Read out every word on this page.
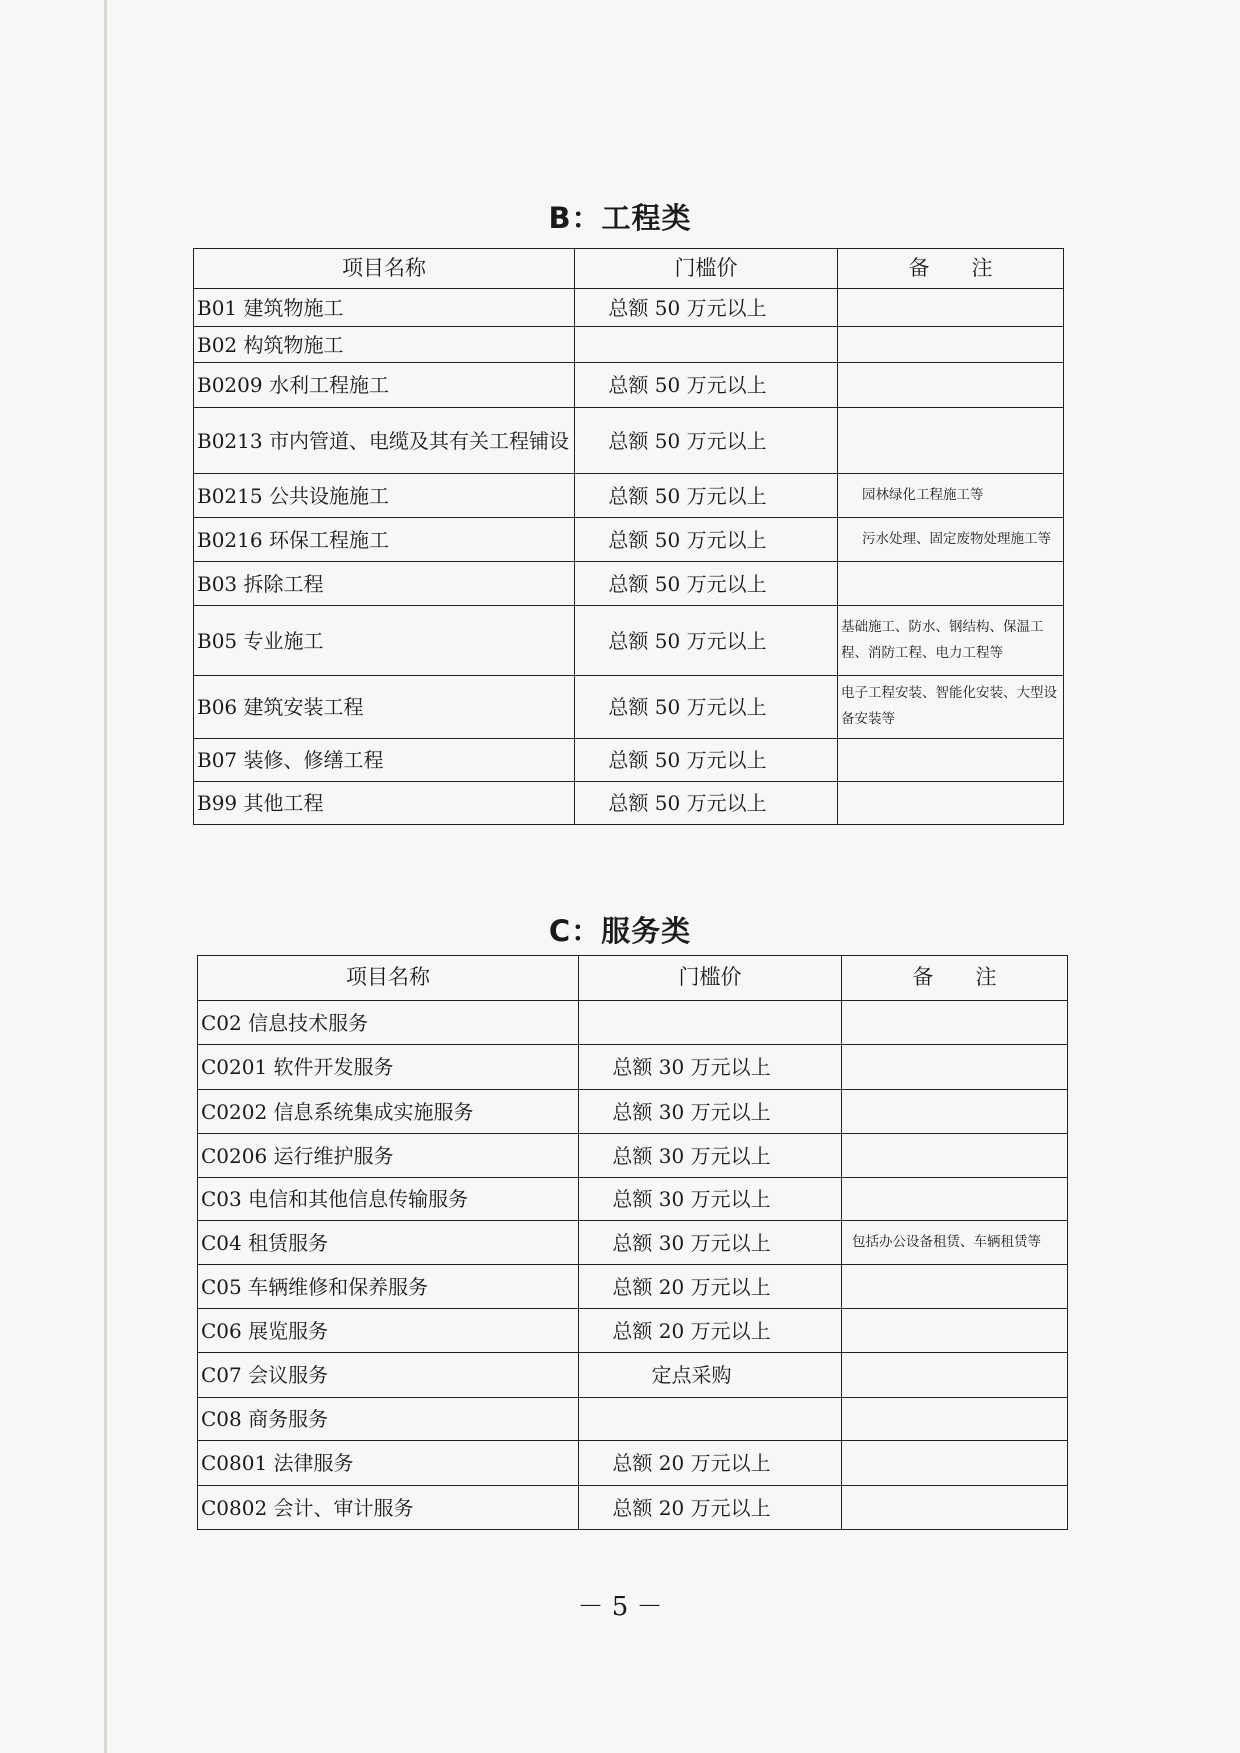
B：工程类
项目名称	门槛价	备　　注
B01 建筑物施工	总额 50 万元以上	
B02 构筑物施工		
B0209 水利工程施工	总额 50 万元以上	
B0213 市内管道、电缆及其有关工程铺设	总额 50 万元以上	
B0215 公共设施施工	总额 50 万元以上	园林绿化工程施工等
B0216 环保工程施工	总额 50 万元以上	污水处理、固定废物处理施工等
B03 拆除工程	总额 50 万元以上	
B05 专业施工	总额 50 万元以上	基础施工、防水、钢结构、保温工程、消防工程、电力工程等
B06 建筑安装工程	总额 50 万元以上	电子工程安装、智能化安装、大型设备安装等
B07 装修、修缮工程	总额 50 万元以上	
B99 其他工程	总额 50 万元以上	
C：服务类
项目名称	门槛价	备　　注
C02 信息技术服务		
C0201 软件开发服务	总额 30 万元以上	
C0202 信息系统集成实施服务	总额 30 万元以上	
C0206 运行维护服务	总额 30 万元以上	
C03 电信和其他信息传输服务	总额 30 万元以上	
C04 租赁服务	总额 30 万元以上	包括办公设备租赁、车辆租赁等
C05 车辆维修和保养服务	总额 20 万元以上	
C06 展览服务	总额 20 万元以上	
C07 会议服务	定点采购	
C08 商务服务		
C0801 法律服务	总额 20 万元以上	
C0802 会计、审计服务	总额 20 万元以上	
－ 5 －
